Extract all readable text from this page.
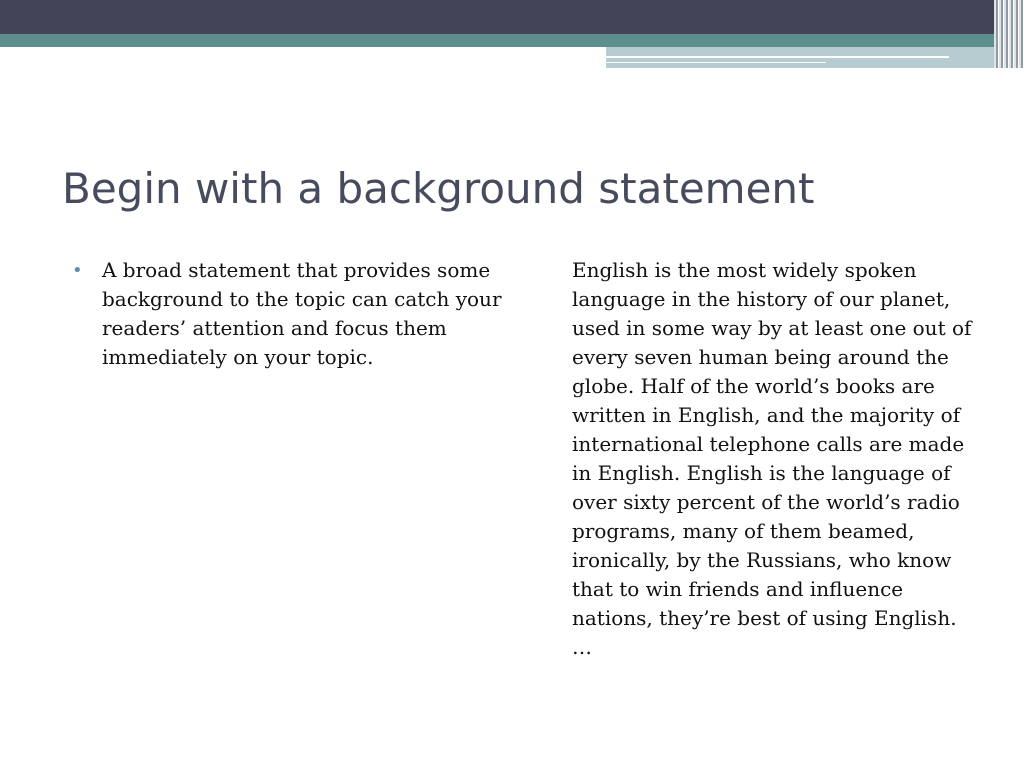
Begin with a background statement
• A broad statement that provides some background to the topic can catch your readers’ attention and focus them immediately on your topic.

English is the most widely spoken language in the history of our planet, used in some way by at least one out of every seven human being around the globe. Half of the world’s books are written in English, and the majority of international telephone calls are made in English. English is the language of over sixty percent of the world’s radio programs, many of them beamed, ironically, by the Russians, who know that to win friends and influence nations, they’re best of using English. …
